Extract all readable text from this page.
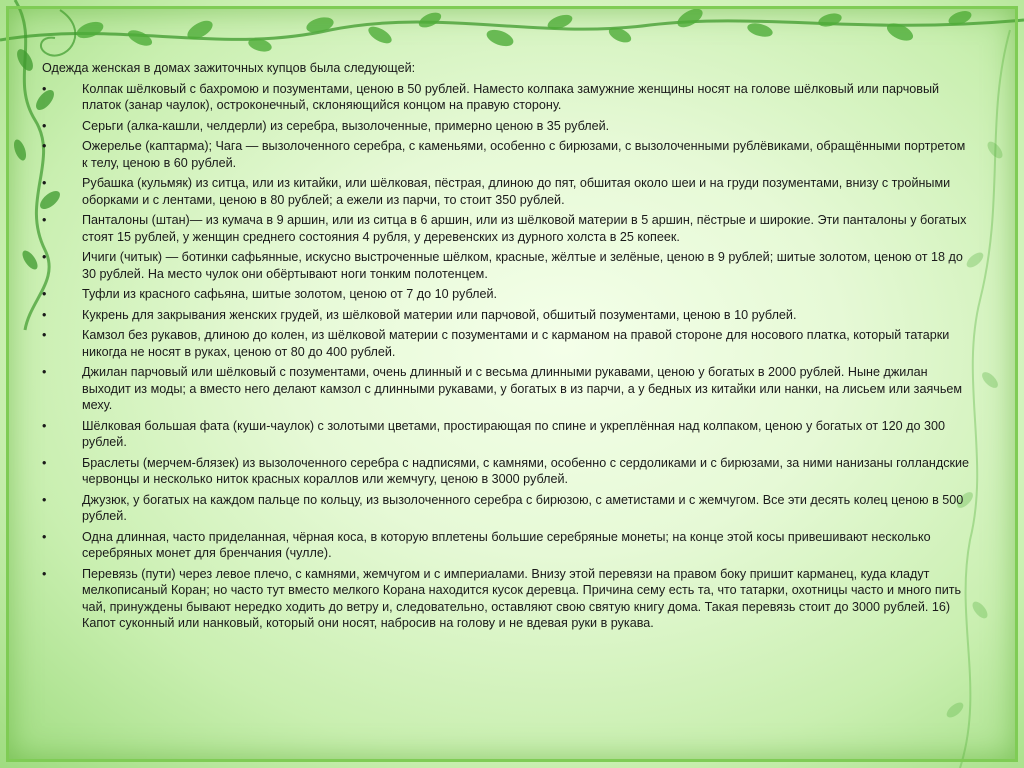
Одежда женская в домах зажиточных купцов была следующей:

• Колпак шёлковый с бахромою и позументами, ценою в 50 рублей. Наместо колпака замужние женщины носят на голове шёлковый или парчовый платок (занар чаулок), остроконечный, склоняющийся концом на правую сторону.
• Серьги (алка-кашли, челдерли) из серебра, вызолоченные, примерно ценою в 35 рублей.
• Ожерелье (каптарма); Чага — вызолоченного серебра, с каменьями, особенно с бирюзами, с вызолоченными рублёвиками, обращёнными портретом к телу, ценою в 60 рублей.
• Рубашка (кульмяк) из ситца, или из китайки, или шёлковая, пёстрая, длиною до пят, обшитая около шеи и на груди позументами, внизу с тройными оборками и с лентами, ценою в 80 рублей; а ежели из парчи, то стоит 350 рублей.
• Панталоны (штан)— из кумача в 9 аршин, или из ситца в 6 аршин, или из шёлковой материи в 5 аршин, пёстрые и широкие. Эти панталоны у богатых стоят 15 рублей, у женщин среднего состояния 4 рубля, у деревенских из дурного холста в 25 копеек.
• Ичиги (читык) — ботинки сафьянные, искусно выстроченные шёлком, красные, жёлтые и зелёные, ценою в 9 рублей; шитые золотом, ценою от 18 до 30 рублей. На место чулок они обёртывают ноги тонким полотенцем.
• Туфли из красного сафьяна, шитые золотом, ценою от 7 до 10 рублей.
• Кукрень для закрывания женских грудей, из шёлковой материи или парчовой, обшитый позументами, ценою в 10 рублей.
• Камзол без рукавов, длиною до колен, из шёлковой материи с позументами и с карманом на правой стороне для носового платка, который татарки никогда не носят в руках, ценою от 80 до 400 рублей.
• Джилан парчовый или шёлковый с позументами, очень длинный и с весьма длинными рукавами, ценою у богатых в 2000 рублей. Ныне джилан выходит из моды; а вместо него делают камзол с длинными рукавами, у богатых в из парчи, а у бедных из китайки или нанки, на лисьем или заячьем меху.
• Шёлковая большая фата (куши-чаулок) с золотыми цветами, простирающая по спине и укреплённая над колпаком, ценою у богатых от 120 до 300 рублей.
• Браслеты (мерчем-блязек) из вызолоченного серебра с надписями, с камнями, особенно с сердоликами и с бирюзами, за ними нанизаны голландские червонцы и несколько ниток красных кораллов или жемчугу, ценою в 3000 рублей.
• Джузюк, у богатых на каждом пальце по кольцу, из вызолоченного серебра с бирюзою, с аметистами и с жемчугом. Все эти десять колец ценою в 500 рублей.
• Одна длинная, часто приделанная, чёрная коса, в которую вплетены большие серебряные монеты; на конце этой косы привешивают несколько серебряных монет для бренчания (чулле).
• Перевязь (пути) через левое плечо, с камнями, жемчугом и с империалами. Внизу этой перевязи на правом боку пришит карманец, куда кладут мелкописаный Коран; но часто тут вместо мелкого Корана находится кусок деревца. Причина сему есть та, что татарки, охотницы часто и много пить чай, принуждены бывают нередко ходить до ветру и, следовательно, оставляют свою святую книгу дома. Такая перевязь стоит до 3000 рублей. 16) Капот суконный или нанковый, который они носят, набросив на голову и не вдевая руки в рукава.
